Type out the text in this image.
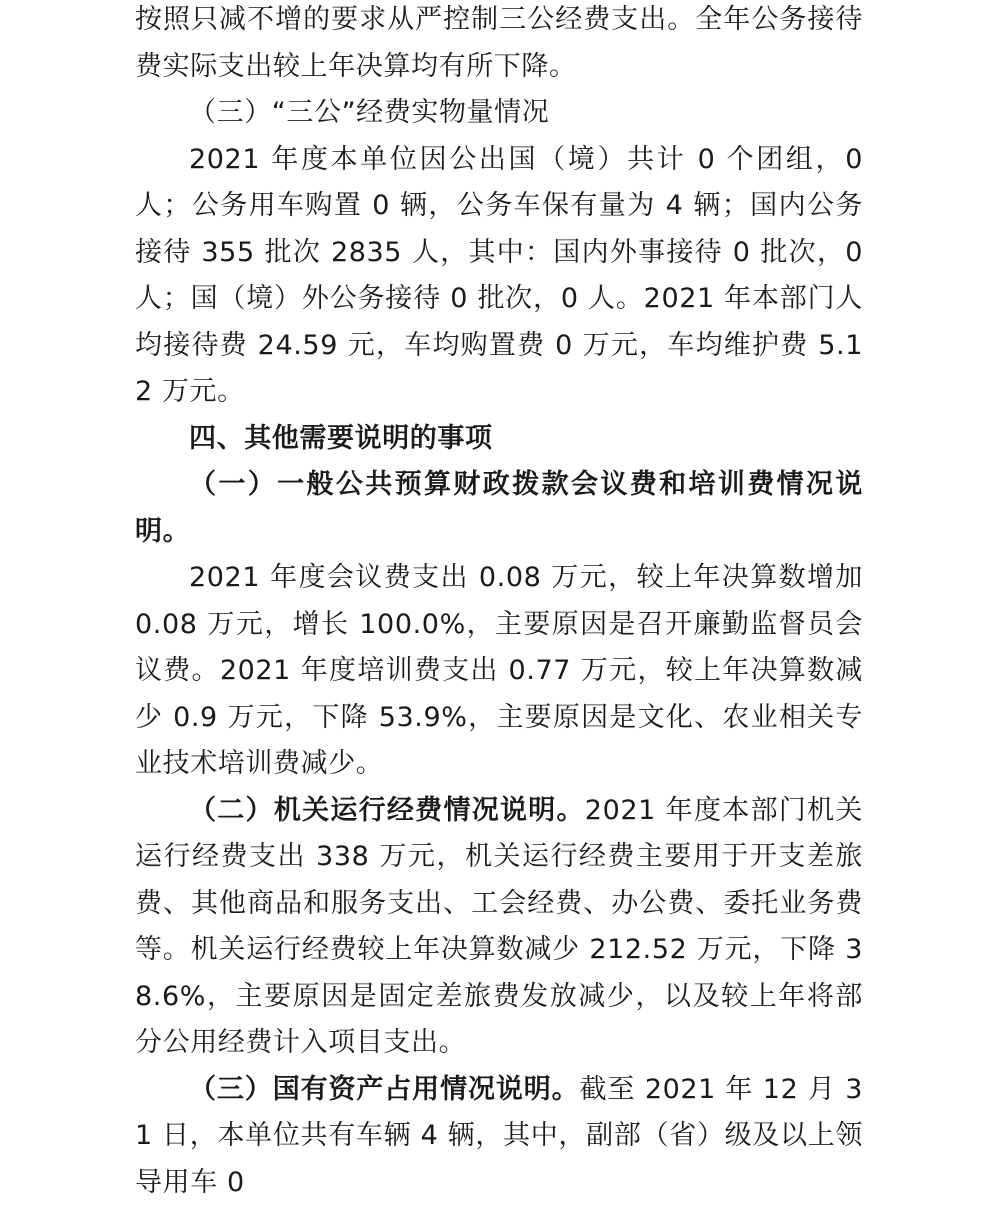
按照只减不增的要求从严控制三公经费支出。全年公务接待费实际支出较上年决算均有所下降。

（三）“三公”经费实物量情况

2021 年度本单位因公出国（境）共计 0 个团组，0 人；公务用车购置 0 辆，公务车保有量为 4 辆；国内公务接待 355 批次 2835 人，其中：国内外事接待 0 批次，0 人；国（境）外公务接待 0 批次，0 人。2021 年本部门人均接待费 24.59 元，车均购置费 0 万元，车均维护费 5.12 万元。

四、其他需要说明的事项

（一）一般公共预算财政拨款会议费和培训费情况说明。

2021 年度会议费支出 0.08 万元，较上年决算数增加 0.08 万元，增长 100.0%，主要原因是召开廉勤监督员会议费。2021 年度培训费支出 0.77 万元，较上年决算数减少 0.9 万元，下降 53.9%，主要原因是文化、农业相关专业技术培训费减少。

（二）机关运行经费情况说明。2021 年度本部门机关运行经费支出 338 万元，机关运行经费主要用于开支差旅费、其他商品和服务支出、工会经费、办公费、委托业务费等。机关运行经费较上年决算数减少 212.52 万元，下降 38.6%，主要原因是固定差旅费发放减少，以及较上年将部分公用经费计入项目支出。

（三）国有资产占用情况说明。截至 2021 年 12 月 31 日，本单位共有车辆 4 辆，其中，副部（省）级及以上领导用车 0
